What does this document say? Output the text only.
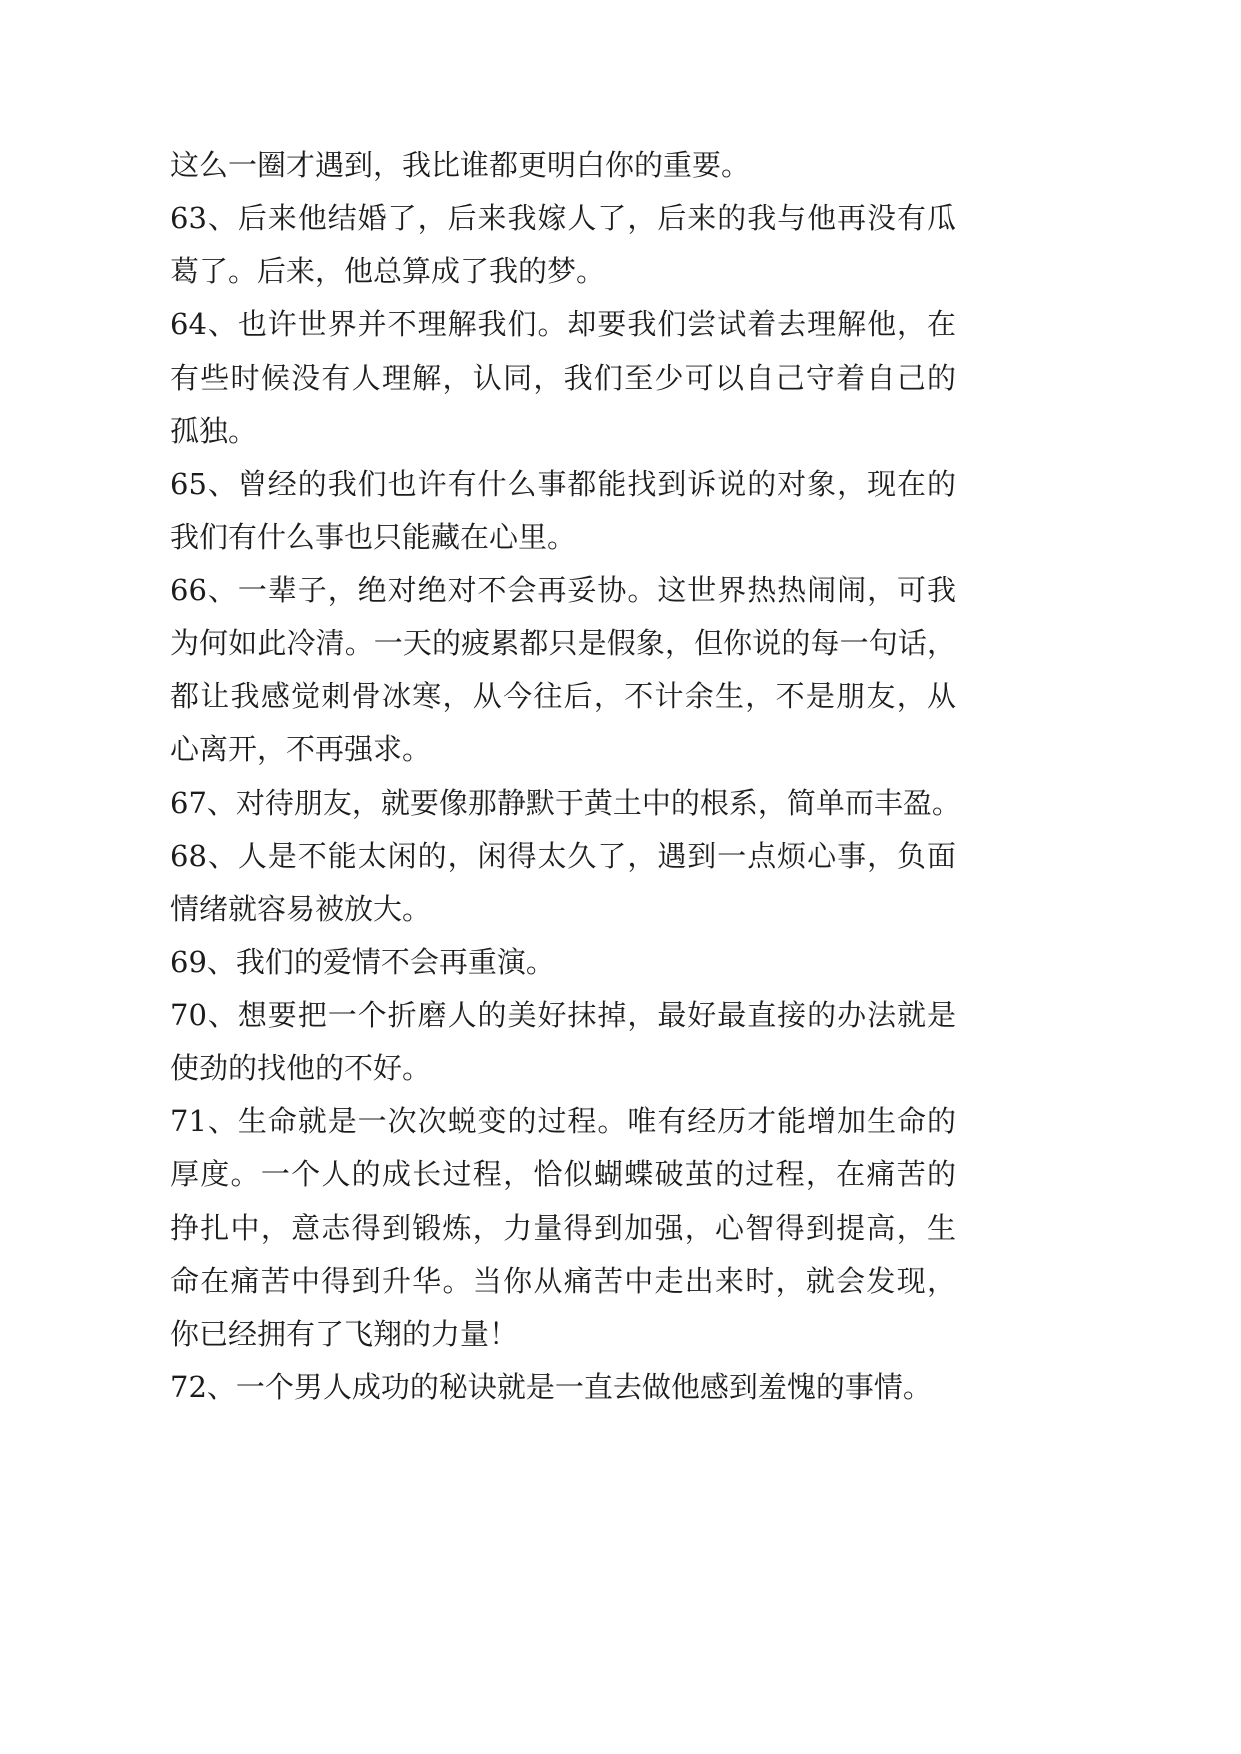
这么一圈才遇到，我比谁都更明白你的重要。
63、后来他结婚了，后来我嫁人了，后来的我与他再没有瓜
葛了。后来，他总算成了我的梦。
64、也许世界并不理解我们。却要我们尝试着去理解他，在
有些时候没有人理解，认同，我们至少可以自己守着自己的
孤独。
65、曾经的我们也许有什么事都能找到诉说的对象，现在的
我们有什么事也只能藏在心里。
66、一辈子，绝对绝对不会再妥协。这世界热热闹闹，可我
为何如此冷清。一天的疲累都只是假象，但你说的每一句话，
都让我感觉刺骨冰寒，从今往后，不计余生，不是朋友，从
心离开，不再强求。
67、对待朋友，就要像那静默于黄土中的根系，简单而丰盈。
68、人是不能太闲的，闲得太久了，遇到一点烦心事，负面
情绪就容易被放大。
69、我们的爱情不会再重演。
70、想要把一个折磨人的美好抹掉，最好最直接的办法就是
使劲的找他的不好。
71、生命就是一次次蜕变的过程。唯有经历才能增加生命的
厚度。一个人的成长过程，恰似蝴蝶破茧的过程，在痛苦的
挣扎中，意志得到锻炼，力量得到加强，心智得到提高，生
命在痛苦中得到升华。当你从痛苦中走出来时，就会发现，
你已经拥有了飞翔的力量！
72、一个男人成功的秘诀就是一直去做他感到羞愧的事情。
